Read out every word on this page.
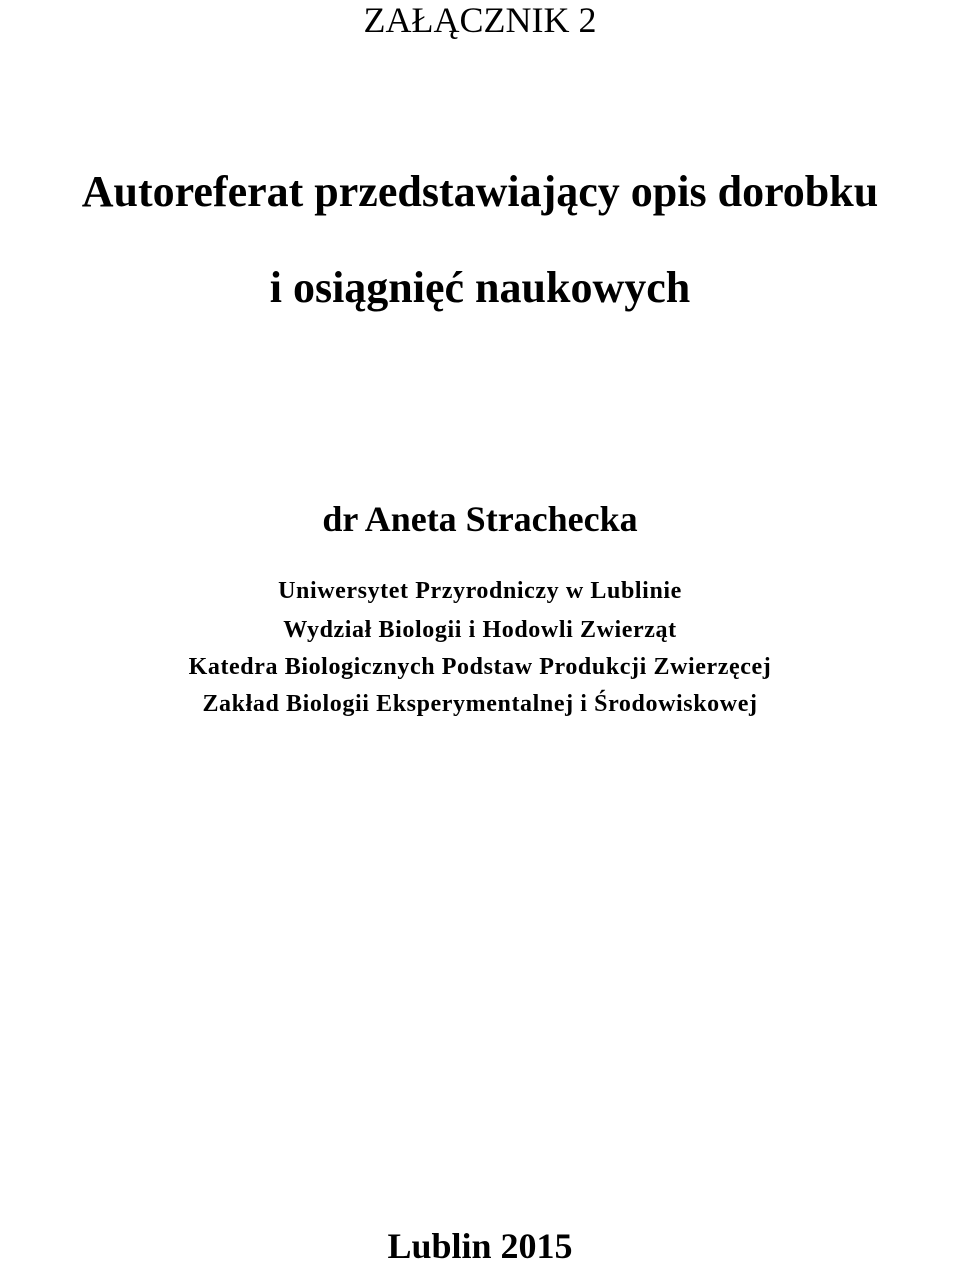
ZAŁĄCZNIK 2
Autoreferat przedstawiający opis dorobku
i osiągnięć naukowych
dr Aneta Strachecka
Uniwersytet Przyrodniczy w Lublinie
Wydział Biologii i Hodowli Zwierząt
Katedra Biologicznych Podstaw Produkcji Zwierzęcej
Zakład Biologii Eksperymentalnej i Środowiskowej
Lublin 2015
